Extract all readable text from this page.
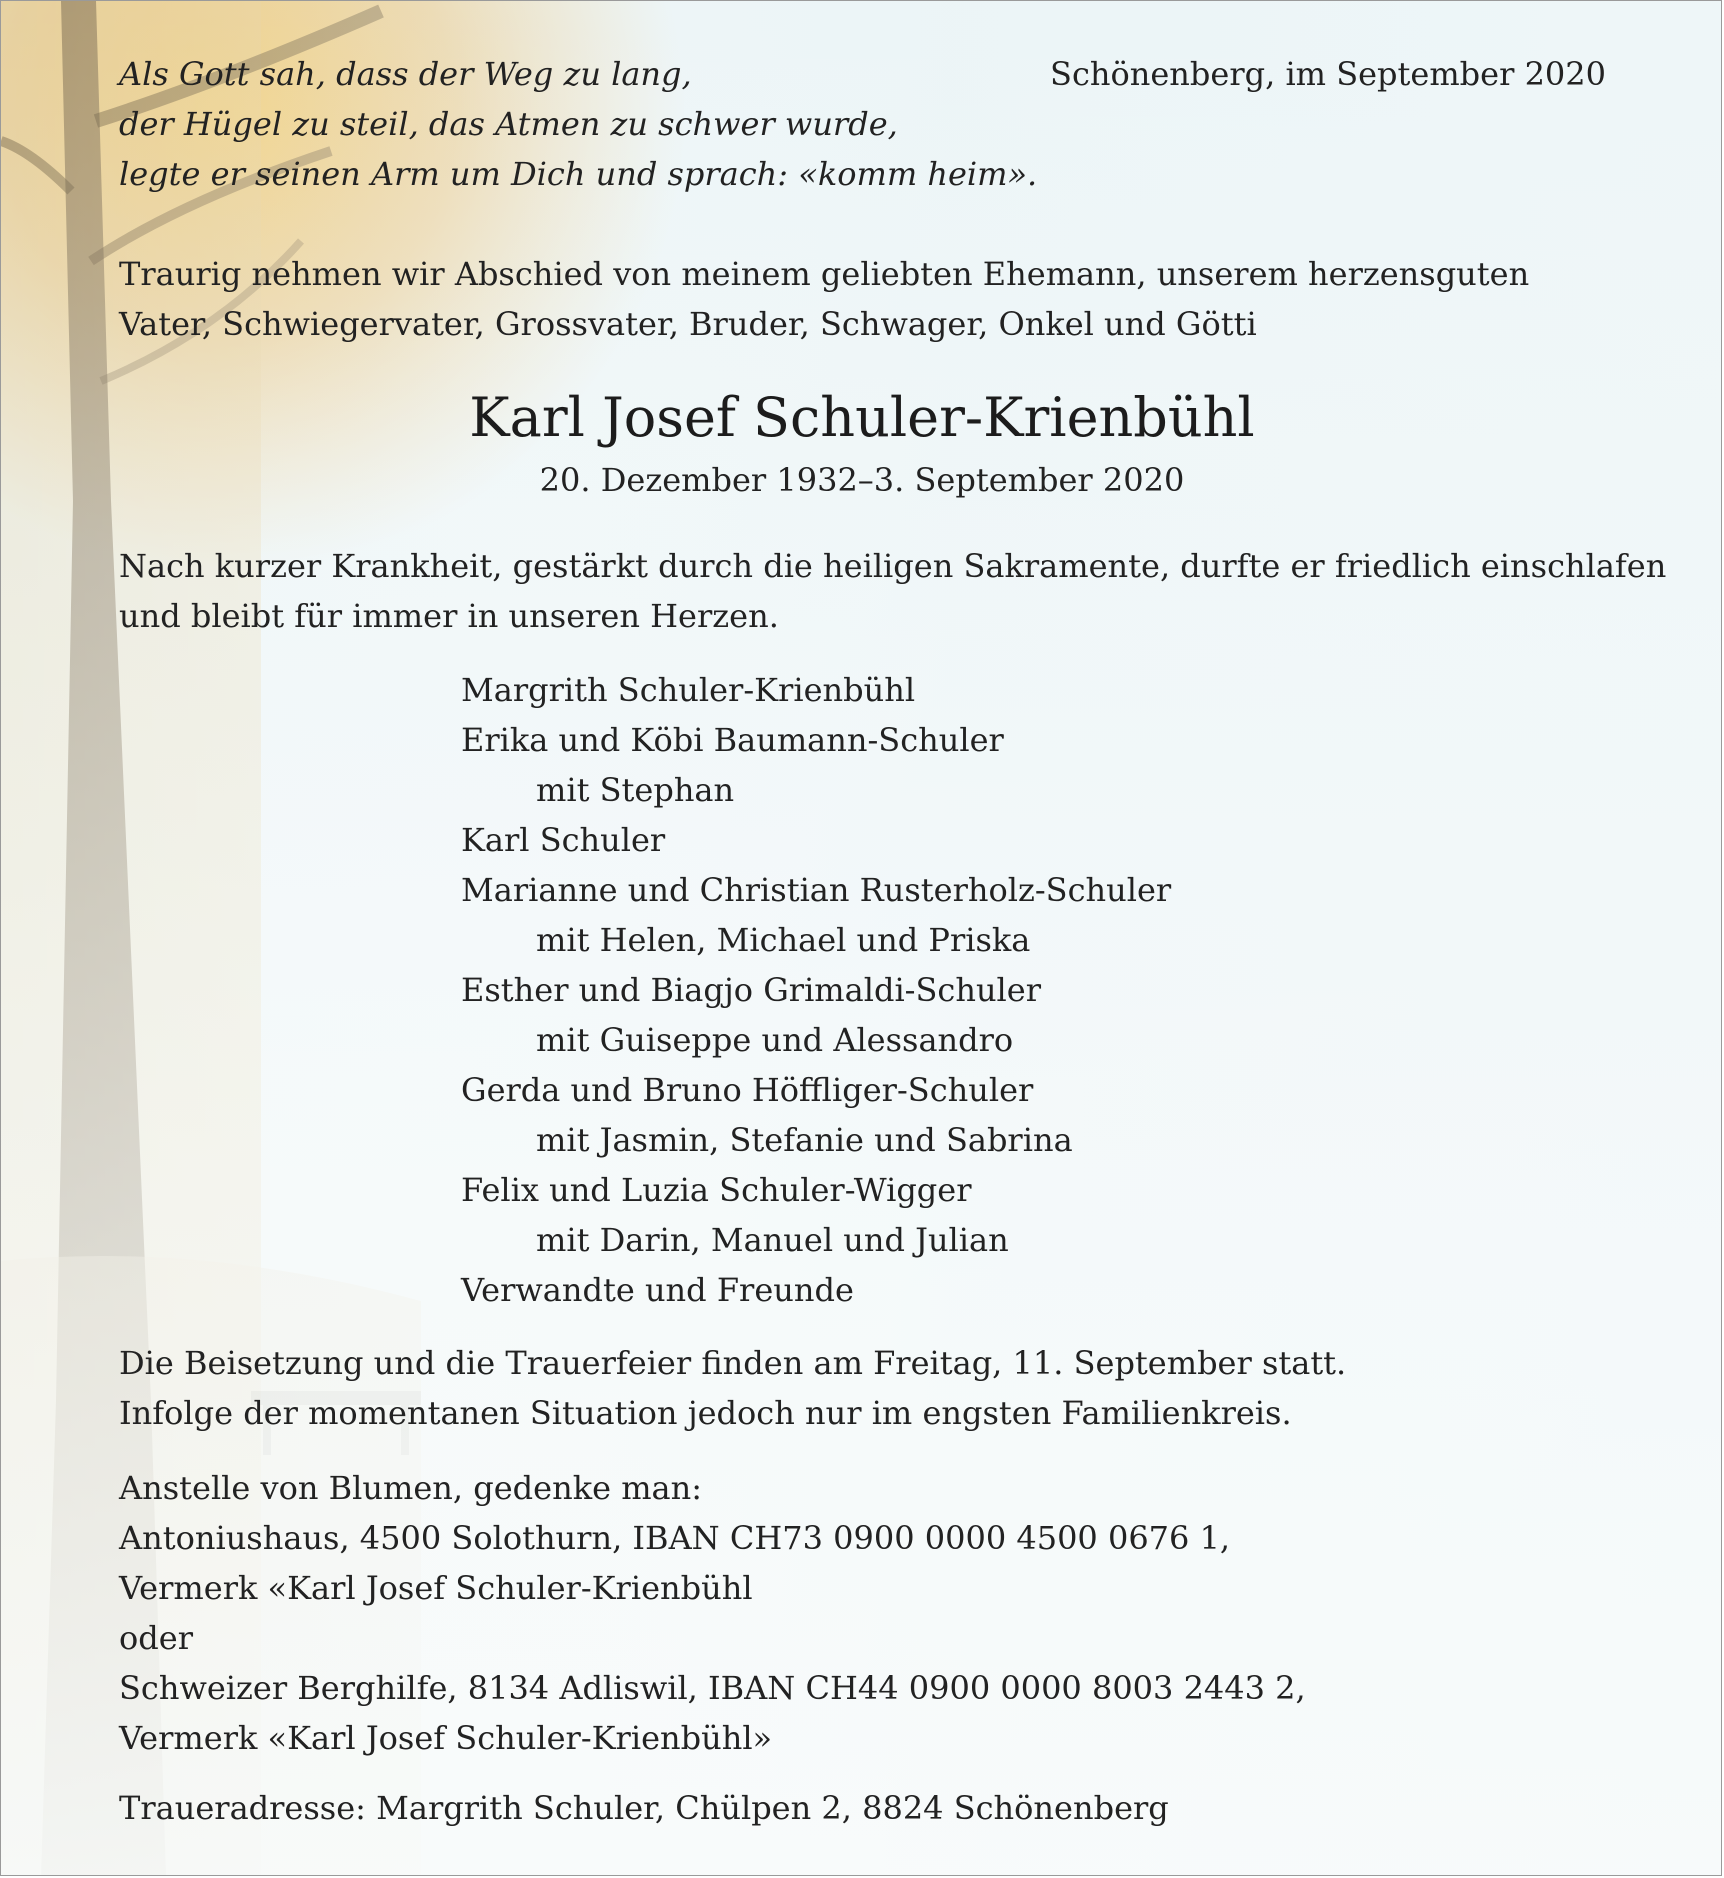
Als Gott sah, dass der Weg zu lang,
der Hügel zu steil, das Atmen zu schwer wurde,
legte er seinen Arm um Dich und sprach: «komm heim».
Schönenberg, im September 2020
Traurig nehmen wir Abschied von meinem geliebten Ehemann, unserem herzensguten
Vater, Schwiegervater, Grossvater, Bruder, Schwager, Onkel und Götti
Karl Josef Schuler-Krienbühl
20. Dezember 1932–3. September 2020
Nach kurzer Krankheit, gestärkt durch die heiligen Sakramente, durfte er friedlich einschlafen
und bleibt für immer in unseren Herzen.
Margrith Schuler-Krienbühl
Erika und Köbi Baumann-Schuler
mit Stephan
Karl Schuler
Marianne und Christian Rusterholz-Schuler
mit Helen, Michael und Priska
Esther und Biagjo Grimaldi-Schuler
mit Guiseppe und Alessandro
Gerda und Bruno Höffliger-Schuler
mit Jasmin, Stefanie und Sabrina
Felix und Luzia Schuler-Wigger
mit Darin, Manuel und Julian
Verwandte und Freunde
Die Beisetzung und die Trauerfeier finden am Freitag, 11. September statt.
Infolge der momentanen Situation jedoch nur im engsten Familienkreis.
Anstelle von Blumen, gedenke man:
Antoniushaus, 4500 Solothurn, IBAN CH73 0900 0000 4500 0676 1,
Vermerk «Karl Josef Schuler-Krienbühl
oder
Schweizer Berghilfe, 8134 Adliswil, IBAN CH44 0900 0000 8003 2443 2,
Vermerk «Karl Josef Schuler-Krienbühl»
Traueradresse: Margrith Schuler, Chülpen 2, 8824 Schönenberg
